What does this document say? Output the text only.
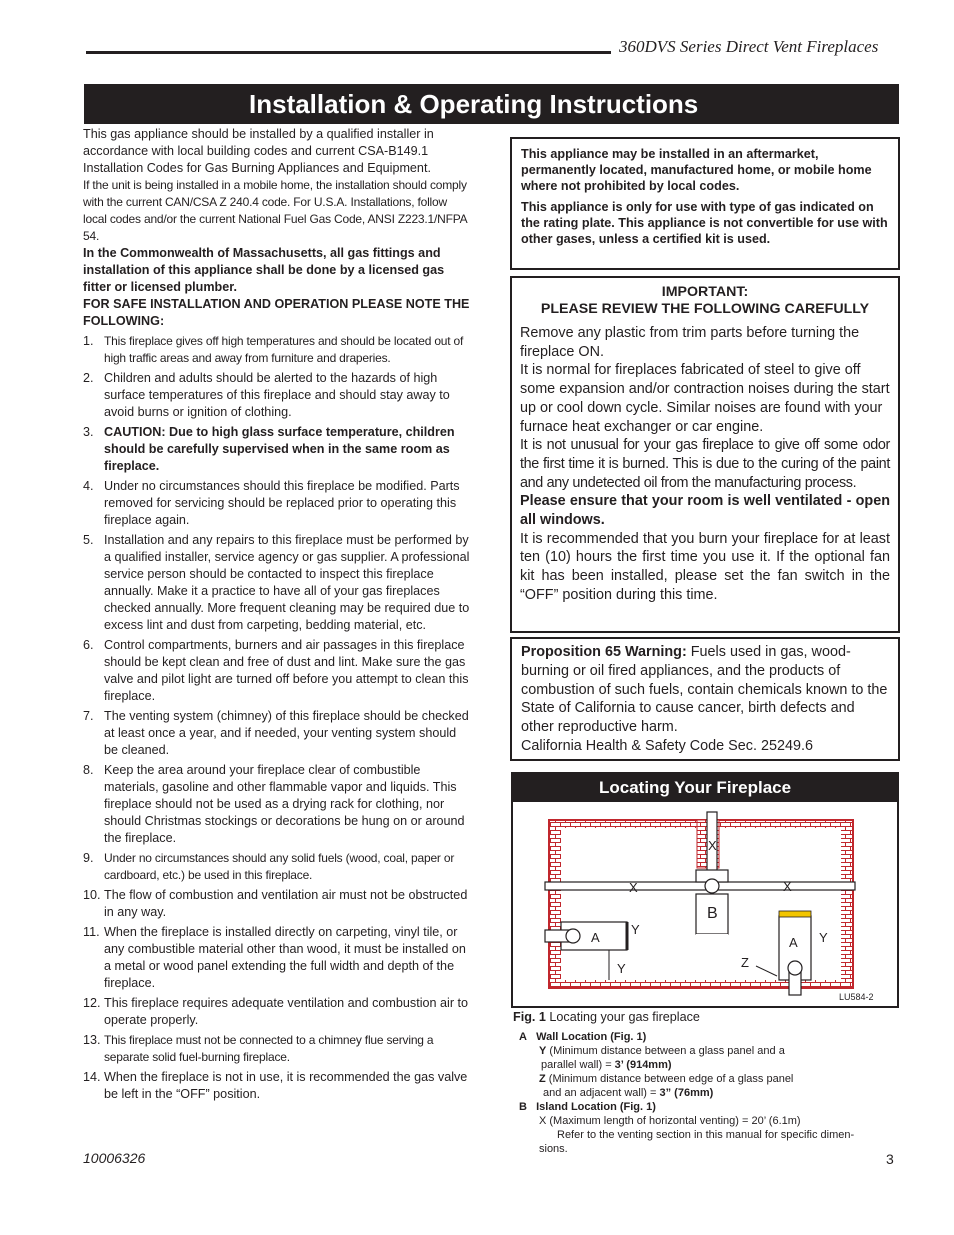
360DVS Series Direct Vent Fireplaces
Installation & Operating Instructions

This gas appliance should be installed by a qualified installer in accordance with local building codes and current CSA-B149.1 Installation Codes for Gas Burning Appliances and Equipment.

If the unit is being installed in a mobile home, the installation should comply with the current CAN/CSA Z 240.4 code. For U.S.A. Installations, follow local codes and/or the current National Fuel Gas Code, ANSI Z223.1/NFPA 54.

In the Commonwealth of Massachusetts, all gas fittings and installation of this appliance shall be done by a licensed gas fitter or licensed plumber.

FOR SAFE INSTALLATION AND OPERATION PLEASE NOTE THE FOLLOWING:

1. This fireplace gives off high temperatures and should be located out of high traffic areas and away from furniture and draperies.
2. Children and adults should be alerted to the hazards of high surface temperatures of this fireplace and should stay away to avoid burns or ignition of clothing.
3. CAUTION: Due to high glass surface temperature, children should be carefully supervised when in the same room as fireplace.
4. Under no circumstances should this fireplace be modified. Parts removed for servicing should be replaced prior to operating this fireplace again.
5. Installation and any repairs to this fireplace must be performed by a qualified installer, service agency or gas supplier. A professional service person should be contacted to inspect this fireplace annually. Make it a practice to have all of your gas fireplaces checked annually. More frequent cleaning may be required due to excess lint and dust from carpeting, bedding material, etc.
6. Control compartments, burners and air passages in this fireplace should be kept clean and free of dust and lint. Make sure the gas valve and pilot light are turned off before you attempt to clean this fireplace.
7. The venting system (chimney) of this fireplace should be checked at least once a year, and if needed, your venting system should be cleaned.
8. Keep the area around your fireplace clear of combustible materials, gasoline and other flammable vapor and liquids. This fireplace should not be used as a drying rack for clothing, nor should Christmas stockings or decorations be hung on or around the fireplace.
9. Under no circumstances should any solid fuels (wood, coal, paper or cardboard, etc.) be used in this fireplace.
10. The flow of combustion and ventilation air must not be obstructed in any way.
11. When the fireplace is installed directly on carpeting, vinyl tile, or any combustible material other than wood, it must be installed on a metal or wood panel extending the full width and depth of the fireplace.
12. This fireplace requires adequate ventilation and combustion air to operate properly.
13. This fireplace must not be connected to a chimney flue serving a separate solid fuel-burning fireplace.
14. When the fireplace is not in use, it is recommended the gas valve be left in the “OFF” position.

This appliance may be installed in an aftermarket, permanently located, manufactured home, or mobile home where not prohibited by local codes.

This appliance is only for use with type of gas indicated on the rating plate. This appliance is not convertible for use with other gases, unless a certified kit is used.

IMPORTANT:
PLEASE REVIEW THE FOLLOWING CAREFULLY

Remove any plastic from trim parts before turning the fireplace ON.

It is normal for fireplaces fabricated of steel to give off some expansion and/or contraction noises during the start up or cool down cycle. Similar noises are found with your furnace heat exchanger or car engine.

It is not unusual for your gas fireplace to give off some odor the first time it is burned. This is due to the curing of the paint and any undetected oil from the manufacturing process.

Please ensure that your room is well ventilated - open all windows.

It is recommended that you burn your fireplace for at least ten (10) hours the first time you use it. If the optional fan kit has been installed, please set the fan switch in the “OFF” position during this time.

Proposition 65 Warning: Fuels used in gas, wood-burning or oil fired appliances, and the products of combustion of such fuels, contain chemicals known to the State of California to cause cancer, birth defects and other reproductive harm.

California Health & Safety Code Sec. 25249.6

Locating Your Fireplace
X
X	X
B
A
Y
Y
A Y
Z
LU584-2
Fig. 1 Locating your gas fireplace
A Wall Location (Fig. 1)
Y (Minimum distance between a glass panel and a
parallel wall) = 3’ (914mm)
Z (Minimum distance between edge of a glass panel
and an adjacent wall) = 3” (76mm)
B Island Location (Fig. 1)
X (Maximum length of horizontal venting) = 20’ (6.1m)
Refer to the venting section in this manual for specific dimen-
sions.
10006326	3
